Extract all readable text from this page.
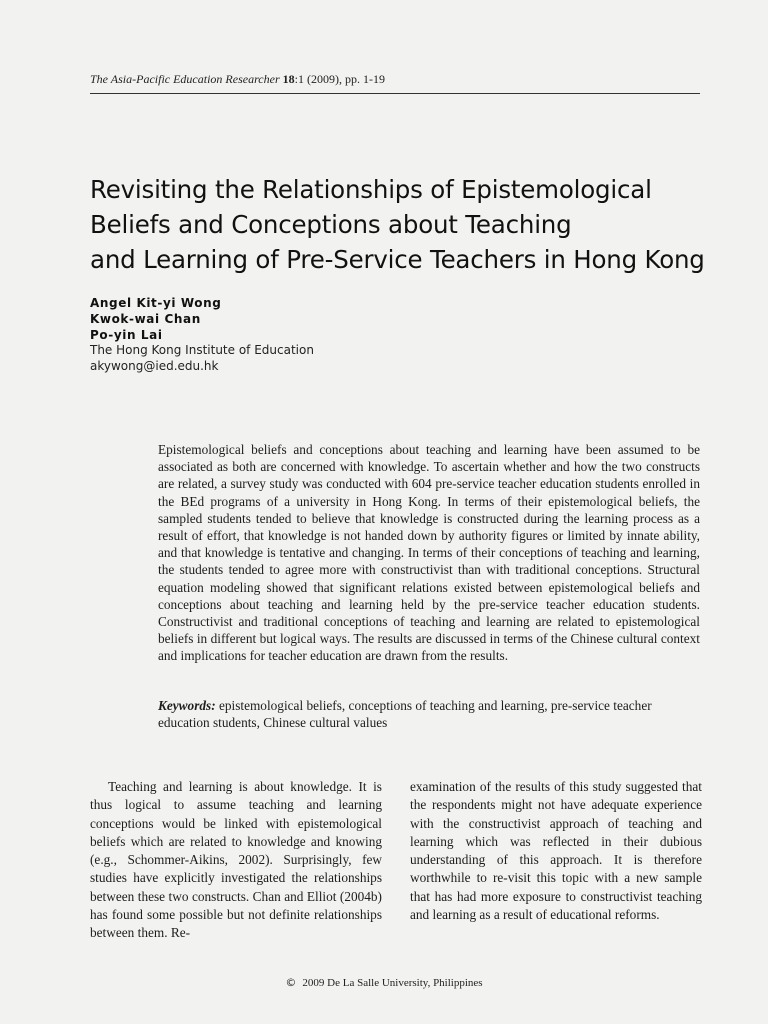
The Asia-Pacific Education Researcher 18:1 (2009), pp. 1-19
Revisiting the Relationships of Epistemological
Beliefs and Conceptions about Teaching
and Learning of Pre-Service Teachers in Hong Kong
Angel Kit-yi Wong
Kwok-wai Chan
Po-yin Lai
The Hong Kong Institute of Education
akywong@ied.edu.hk
Epistemological beliefs and conceptions about teaching and learning have been assumed to be associated as both are concerned with knowledge. To ascertain whether and how the two constructs are related, a survey study was conducted with 604 pre-service teacher education students enrolled in the BEd programs of a university in Hong Kong. In terms of their epistemological beliefs, the sampled students tended to believe that knowledge is constructed during the learning process as a result of effort, that knowledge is not handed down by authority figures or limited by innate ability, and that knowledge is tentative and changing. In terms of their conceptions of teaching and learning, the students tended to agree more with constructivist than with traditional conceptions. Structural equation modeling showed that significant relations existed between epistemological beliefs and conceptions about teaching and learning held by the pre-service teacher education students. Constructivist and traditional conceptions of teaching and learning are related to epistemological beliefs in different but logical ways. The results are discussed in terms of the Chinese cultural context and implications for teacher education are drawn from the results.
Keywords: epistemological beliefs, conceptions of teaching and learning, pre-service teacher education students, Chinese cultural values
Teaching and learning is about knowledge. It is thus logical to assume teaching and learning conceptions would be linked with epistemological beliefs which are related to knowledge and knowing (e.g., Schommer-Aikins, 2002). Surprisingly, few studies have explicitly investigated the relationships between these two constructs. Chan and Elliot (2004b) has found some possible but not definite relationships between them. Re-
examination of the results of this study suggested that the respondents might not have adequate experience with the constructivist approach of teaching and learning which was reflected in their dubious understanding of this approach. It is therefore worthwhile to re-visit this topic with a new sample that has had more exposure to constructivist teaching and learning as a result of educational reforms.
© 2009 De La Salle University, Philippines
